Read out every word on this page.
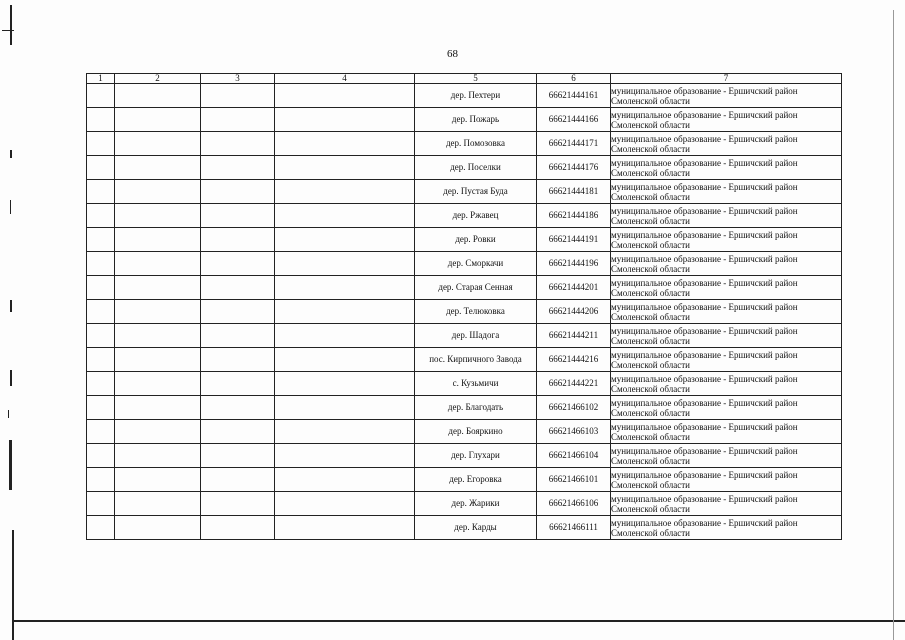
68
1	2	3	4	5	6	7
				дер. Пехтери	66621444161	муниципальное образование - Ершичский район
Смоленской области

				дер. Пожарь	66621444166	муниципальное образование - Ершичский район
Смоленской области

				дер. Помозовка	66621444171	муниципальное образование - Ершичский район
Смоленской области

				дер. Поселки	66621444176	муниципальное образование - Ершичский район
Смоленской области

				дер. Пустая Буда	66621444181	муниципальное образование - Ершичский район
Смоленской области

				дер. Ржавец	66621444186	муниципальное образование - Ершичский район
Смоленской области

				дер. Ровки	66621444191	муниципальное образование - Ершичский район
Смоленской области

				дер. Сморкачи	66621444196	муниципальное образование - Ершичский район
Смоленской области

				дер. Старая Сенная	66621444201	муниципальное образование - Ершичский район
Смоленской области

				дер. Телюковка	66621444206	муниципальное образование - Ершичский район
Смоленской области

				дер. Шадога	66621444211	муниципальное образование - Ершичский район
Смоленской области

				пос. Кирпичного Завода	66621444216	муниципальное образование - Ершичский район
Смоленской области

				с. Кузьмичи	66621444221	муниципальное образование - Ершичский район
Смоленской области

				дер. Благодать	66621466102	муниципальное образование - Ершичский район
Смоленской области

				дер. Бояркино	66621466103	муниципальное образование - Ершичский район
Смоленской области

				дер. Глухари	66621466104	муниципальное образование - Ершичский район
Смоленской области

				дер. Егоровка	66621466101	муниципальное образование - Ершичский район
Смоленской области

				дер. Жарики	66621466106	муниципальное образование - Ершичский район
Смоленской области

				дер. Карды	66621466111	муниципальное образование - Ершичский район
Смоленской области
